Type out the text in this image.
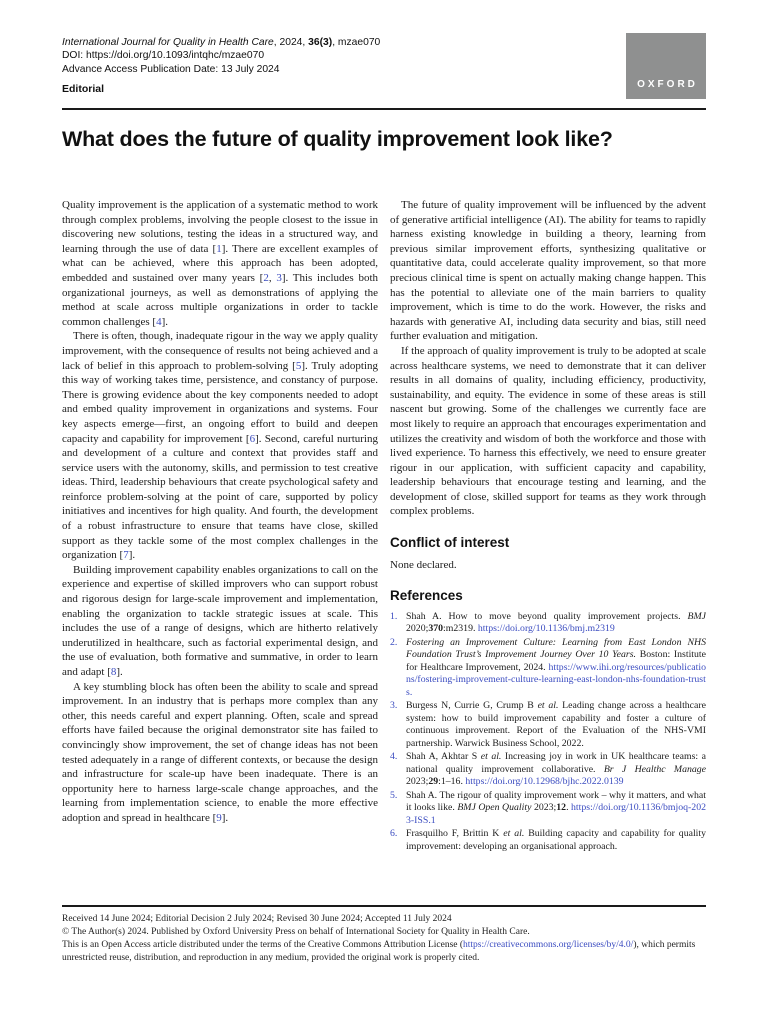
International Journal for Quality in Health Care, 2024, 36(3), mzae070
DOI: https://doi.org/10.1093/intqhc/mzae070
Advance Access Publication Date: 13 July 2024
Editorial	OXFORD
What does the future of quality improvement look like?

Quality improvement is the application of a systematic method to work through complex problems, involving the people closest to the issue in discovering new solutions, testing the ideas in a structured way, and learning through the use of data [1]. There are excellent examples of what can be achieved, where this approach has been adopted, embedded and sustained over many years [2, 3]. This includes both organizational journeys, as well as demonstrations of applying the method at scale across multiple organizations in order to tackle common challenges [4].

There is often, though, inadequate rigour in the way we apply quality improvement, with the consequence of results not being achieved and a lack of belief in this approach to problem-solving [5]. Truly adopting this way of working takes time, persistence, and constancy of purpose. There is growing evidence about the key components needed to adopt and embed quality improvement in organizations and systems. Four key aspects emerge—first, an ongoing effort to build and deepen capacity and capability for improvement [6]. Second, careful nurturing and development of a culture and context that provides staff and service users with the autonomy, skills, and permission to test creative ideas. Third, leadership behaviours that create psychological safety and reinforce problem-solving at the point of care, supported by policy initiatives and incentives for high quality. And fourth, the development of a robust infrastructure to ensure that teams have close, skilled support as they tackle some of the most complex challenges in the organization [7].

Building improvement capability enables organizations to call on the experience and expertise of skilled improvers who can support robust and rigorous design for large-scale improvement and implementation, enabling the organization to tackle strategic issues at scale. This includes the use of a range of designs, which are hitherto relatively underutilized in healthcare, such as factorial experimental design, and the use of evaluation, both formative and summative, in order to learn and adapt [8].

A key stumbling block has often been the ability to scale and spread improvement. In an industry that is perhaps more complex than any other, this needs careful and expert planning. Often, scale and spread efforts have failed because the original demonstrator site has failed to convincingly show improvement, the set of change ideas has not been tested adequately in a range of different contexts, or because the design and infrastructure for scale-up have been inadequate. There is an opportunity here to harness large-scale change approaches, and the learning from implementation science, to enable the more effective adoption and spread in healthcare [9].

The future of quality improvement will be influenced by the advent of generative artificial intelligence (AI). The ability for teams to rapidly harness existing knowledge in building a theory, learning from previous similar improvement efforts, synthesizing qualitative or quantitative data, could accelerate quality improvement, so that more precious clinical time is spent on actually making change happen. This has the potential to alleviate one of the main barriers to quality improvement, which is time to do the work. However, the risks and hazards with generative AI, including data security and bias, still need further evaluation and mitigation.

If the approach of quality improvement is truly to be adopted at scale across healthcare systems, we need to demonstrate that it can deliver results in all domains of quality, including efficiency, productivity, sustainability, and equity. The evidence in some of these areas is still nascent but growing. Some of the challenges we currently face are most likely to require an approach that encourages experimentation and utilizes the creativity and wisdom of both the workforce and those with lived experience. To harness this effectively, we need to ensure greater rigour in our application, with sufficient capacity and capability, leadership behaviours that encourage testing and learning, and the development of close, skilled support for teams as they work through complex problems.

Conflict of interest

None declared.

References
1. Shah A. How to move beyond quality improvement projects. BMJ 2020;370:m2319. https://doi.org/10.1136/bmj.m2319
2. Fostering an Improvement Culture: Learning from East London NHS Foundation Trust’s Improvement Journey Over 10 Years. Boston: Institute for Healthcare Improvement, 2024. https://www.ihi.org/resources/publications/fostering-improvement-culture-learning-east-london-nhs-foundation-trusts.
3. Burgess N, Currie G, Crump B et al. Leading change across a healthcare system: how to build improvement capability and foster a culture of continuous improvement. Report of the Evaluation of the NHS-VMI partnership. Warwick Business School, 2022.
4. Shah A, Akhtar S et al. Increasing joy in work in UK healthcare teams: a national quality improvement collaborative. Br J Healthc Manage 2023;29:1–16. https://doi.org/10.12968/bjhc.2022.0139
5. Shah A. The rigour of quality improvement work – why it matters, and what it looks like. BMJ Open Quality 2023;12. https://doi.org/10.1136/bmjoq-2023-ISS.1
6. Frasquilho F, Brittin K et al. Building capacity and capability for quality improvement: developing an organisational approach.
Received 14 June 2024; Editorial Decision 2 July 2024; Revised 30 June 2024; Accepted 11 July 2024
© The Author(s) 2024. Published by Oxford University Press on behalf of International Society for Quality in Health Care.
This is an Open Access article distributed under the terms of the Creative Commons Attribution License (https://creativecommons.org/licenses/by/4.0/), which permits unrestricted reuse, distribution, and reproduction in any medium, provided the original work is properly cited.
